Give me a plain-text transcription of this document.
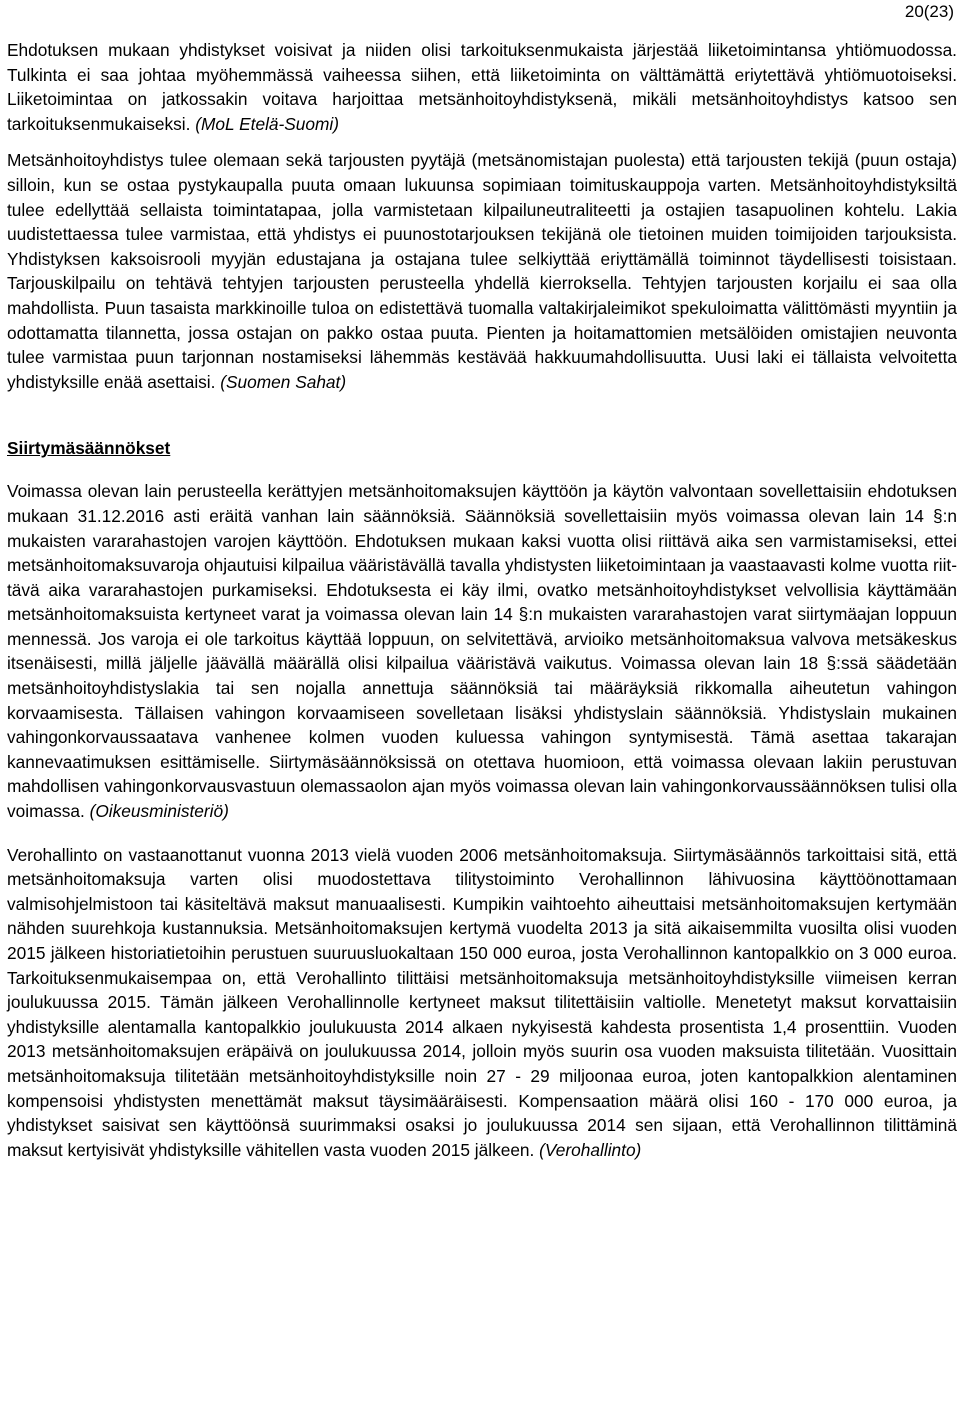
20(23)

Ehdotuksen mukaan yhdistykset voisivat ja niiden olisi tarkoituksenmukaista järjestää liiketoimintansa yhtiömuodossa. Tulkinta ei saa johtaa myöhemmässä vaiheessa siihen, että liiketoiminta on välttämättä eriytettävä yhtiömuotoiseksi. Liiketoimintaa on jatkossakin voitava harjoittaa metsänhoitoyhdistyksenä, mikäli metsänhoitoyhdistys katsoo sen tarkoituksenmukaiseksi. (MoL Etelä-Suomi)

Metsänhoitoyhdistys tulee olemaan sekä tarjousten pyytäjä (metsänomistajan puolesta) että tarjousten tekijä (puun ostaja) silloin, kun se ostaa pystykaupalla puuta omaan lukuunsa sopimiaan toimituskauppoja varten. Metsänhoitoyhdistyksiltä tulee edellyttää sellaista toimintatapaa, jolla varmistetaan kilpailuneutraliteetti ja ostajien tasapuolinen kohtelu. Lakia uudistettaessa tulee varmistaa, että yhdistys ei puunostotarjouksen tekijänä ole tietoinen muiden toimijoiden tarjouksista. Yhdistyksen kaksoisrooli myyjän edustajana ja ostajana tulee selkiyttää eriyttämällä toiminnot täydellisesti toisistaan. Tarjouskilpailu on tehtävä tehtyjen tarjousten perusteella yhdellä kierroksella. Tehtyjen tarjousten korjailu ei saa olla mahdollista. Puun tasaista markkinoille tuloa on edistettävä tuomalla valtakirjaleimikot spekuloimatta välittömästi myyntiin ja odottamatta tilannetta, jossa ostajan on pakko ostaa puuta. Pienten ja hoitamattomien metsälöiden omistajien neuvonta tulee varmistaa puun tarjonnan nostamiseksi lähemmäs kestävää hakkuumahdollisuutta. Uusi laki ei tällaista velvoitetta yhdistyksille enää asettaisi. (Suomen Sahat)

Siirtymäsäännökset

Voimassa olevan lain perusteella kerättyjen metsänhoitomaksujen käyttöön ja käytön valvontaan sovellettaisiin ehdotuksen mukaan 31.12.2016 asti eräitä vanhan lain säännöksiä. Säännöksiä sovellettaisiin myös voimassa olevan lain 14 §:n mukaisten vararahastojen varojen käyttöön. Ehdotuksen mukaan kaksi vuotta olisi riittävä aika sen varmistamiseksi, ettei metsänhoitomaksuvaroja ohjautuisi kilpailua vääristävällä tavalla yhdistysten liiketoimintaan ja vaastaavasti kolme vuotta riittävä aika vararahastojen purkamiseksi. Ehdotuksesta ei käy ilmi, ovatko metsänhoitoyhdistykset velvollisia käyttämään metsänhoitomaksuista kertyneet varat ja voimassa olevan lain 14 §:n mukaisten vararahastojen varat siirtymäajan loppuun mennessä. Jos varoja ei ole tarkoitus käyttää loppuun, on selvitettävä, arvioiko metsänhoitomaksua valvova metsäkeskus itsenäisesti, millä jäljelle jäävällä määrällä olisi kilpailua vääristävä vaikutus. Voimassa olevan lain 18 §:ssä säädetään metsänhoitoyhdistyslakia tai sen nojalla annettuja säännöksiä tai määräyksiä rikkomalla aiheutetun vahingon korvaamisesta. Tällaisen vahingon korvaamiseen sovelletaan lisäksi yhdistyslain säännöksiä. Yhdistyslain mukainen vahingonkorvaussaatava vanhenee kolmen vuoden kuluessa vahingon syntymisestä. Tämä asettaa takarajan kannevaatimuksen esittämiselle. Siirtymäsäännöksissä on otettava huomioon, että voimassa olevaan lakiin perustuvan mahdollisen vahingonkorvausvastuun olemassaolon ajan myös voimassa olevan lain vahingonkorvaussäännöksen tulisi olla voimassa. (Oikeusministeriö)

Verohallinto on vastaanottanut vuonna 2013 vielä vuoden 2006 metsänhoitomaksuja. Siirtymäsäännös tarkoittaisi sitä, että metsänhoitomaksuja varten olisi muodostettava tilitystoiminto Verohallinnon lähivuosina käyttöönottamaan valmisohjelmistoon tai käsiteltävä maksut manuaalisesti. Kumpikin vaihtoehto aiheuttaisi metsänhoitomaksujen kertymään nähden suurehkoja kustannuksia. Metsänhoitomaksujen kertymä vuodelta 2013 ja sitä aikaisemmilta vuosilta olisi vuoden 2015 jälkeen historiatietoihin perustuen suuruusluokaltaan 150 000 euroa, josta Verohallinnon kantopalkkio on 3 000 euroa. Tarkoituksenmukaisempaa on, että Verohallinto tilittäisi metsänhoitomaksuja metsänhoitoyhdistyksille viimeisen kerran joulukuussa 2015. Tämän jälkeen Verohallinnolle kertyneet maksut tilitettäisiin valtiolle. Menetetyt maksut korvattaisiin yhdistyksille alentamalla kantopalkkio joulukuusta 2014 alkaen nykyisestä kahdesta prosentista 1,4 prosenttiin. Vuoden 2013 metsänhoitomaksujen eräpäivä on joulukuussa 2014, jolloin myös suurin osa vuoden maksuista tilitetään. Vuosittain metsänhoitomaksuja tilitetään metsänhoitoyhdistyksille noin 27 - 29 miljoonaa euroa, joten kantopalkkion alentaminen kompensoisi yhdistysten menettämät maksut täysimääräisesti. Kompensaation määrä olisi 160 - 170 000 euroa, ja yhdistykset saisivat sen käyttöönsä suurimmaksi osaksi jo joulukuussa 2014 sen sijaan, että Verohallinnon tilittäminä maksut kertyisivät yhdistyksille vähitellen vasta vuoden 2015 jälkeen. (Verohallinto)
